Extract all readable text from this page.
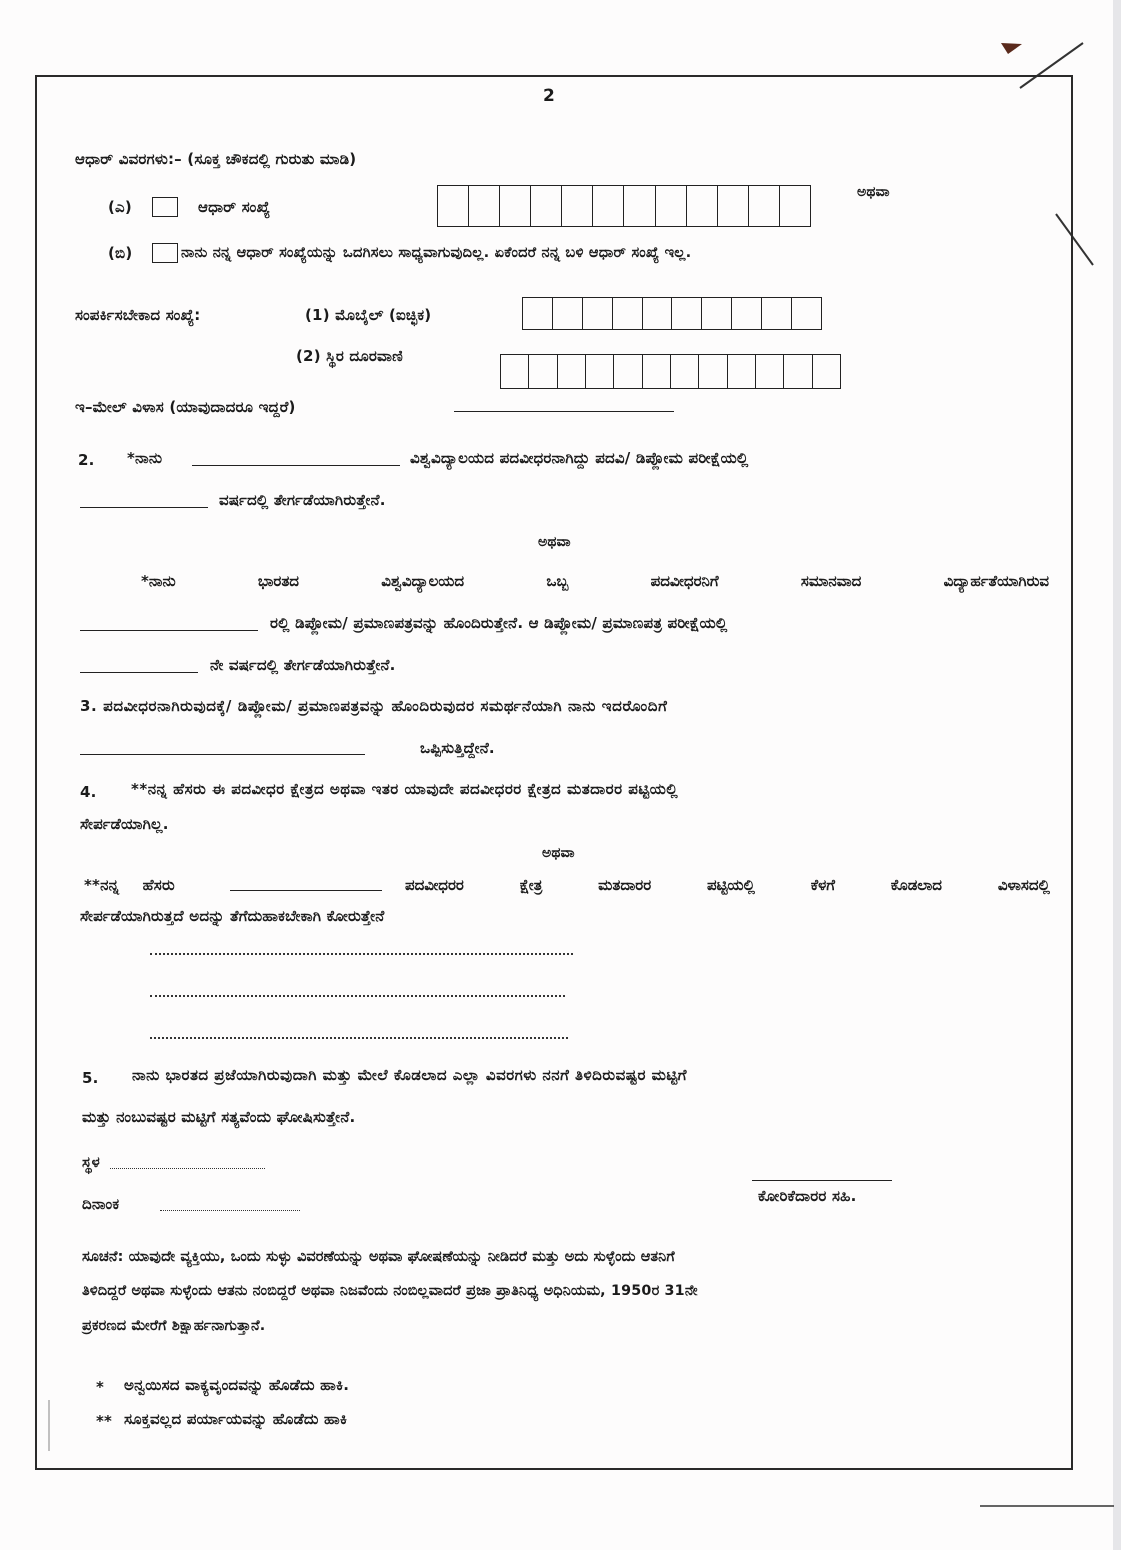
2
ಆಧಾರ್ ವಿವರಗಳು:– (ಸೂಕ್ತ ಚೌಕದಲ್ಲಿ ಗುರುತು ಮಾಡಿ)
(ಎ)	ಆಧಾರ್ ಸಂಖ್ಯೆ
ಅಥವಾ
(ಬಿ)	ನಾನು ನನ್ನ ಆಧಾರ್ ಸಂಖ್ಯೆಯನ್ನು ಒದಗಿಸಲು ಸಾಧ್ಯವಾಗುವುದಿಲ್ಲ. ಏಕೆಂದರೆ ನನ್ನ ಬಳಿ ಆಧಾರ್ ಸಂಖ್ಯೆ ಇಲ್ಲ.
ಸಂಪರ್ಕಿಸಬೇಕಾದ ಸಂಖ್ಯೆ:	(1) ಮೊಬೈಲ್ (ಐಚ್ಛಿಕ)
(2) ಸ್ಥಿರ ದೂರವಾಣಿ
ಇ–ಮೇಲ್ ವಿಳಾಸ (ಯಾವುದಾದರೂ ಇದ್ದರೆ)
2. *ನಾನು	ವಿಶ್ವವಿದ್ಯಾಲಯದ ಪದವೀಧರನಾಗಿದ್ದು ಪದವಿ/ ಡಿಪ್ಲೋಮ ಪರೀಕ್ಷೆಯಲ್ಲಿ
ವರ್ಷದಲ್ಲಿ ತೇರ್ಗಡೆಯಾಗಿರುತ್ತೇನೆ.
ಅಥವಾ
*ನಾನು	ಭಾರತದ	ವಿಶ್ವವಿದ್ಯಾಲಯದ	ಒಬ್ಬ	ಪದವೀಧರನಿಗೆ	ಸಮಾನವಾದ	ವಿದ್ಯಾರ್ಹತೆಯಾಗಿರುವ
ರಲ್ಲಿ ಡಿಪ್ಲೋಮ/ ಪ್ರಮಾಣಪತ್ರವನ್ನು ಹೊಂದಿರುತ್ತೇನೆ. ಆ ಡಿಪ್ಲೋಮ/ ಪ್ರಮಾಣಪತ್ರ ಪರೀಕ್ಷೆಯಲ್ಲಿ
ನೇ ವರ್ಷದಲ್ಲಿ ತೇರ್ಗಡೆಯಾಗಿರುತ್ತೇನೆ.
3. ಪದವೀಧರನಾಗಿರುವುದಕ್ಕೆ/ ಡಿಪ್ಲೋಮ/ ಪ್ರಮಾಣಪತ್ರವನ್ನು ಹೊಂದಿರುವುದರ ಸಮರ್ಥನೆಯಾಗಿ ನಾನು ಇದರೊಂದಿಗೆ
ಒಪ್ಪಿಸುತ್ತಿದ್ದೇನೆ.
4. **ನನ್ನ ಹೆಸರು ಈ ಪದವೀಧರ ಕ್ಷೇತ್ರದ ಅಥವಾ ಇತರ ಯಾವುದೇ ಪದವೀಧರರ ಕ್ಷೇತ್ರದ ಮತದಾರರ ಪಟ್ಟಿಯಲ್ಲಿ
ಸೇರ್ಪಡೆಯಾಗಿಲ್ಲ.
ಅಥವಾ
**ನನ್ನ ಹೆಸರು	ಪದವೀಧರರ	ಕ್ಷೇತ್ರ	ಮತದಾರರ	ಪಟ್ಟಿಯಲ್ಲಿ	ಕೆಳಗೆ	ಕೊಡಲಾದ	ವಿಳಾಸದಲ್ಲಿ
ಸೇರ್ಪಡೆಯಾಗಿರುತ್ತದೆ ಅದನ್ನು ತೆಗೆದುಹಾಕಬೇಕಾಗಿ ಕೋರುತ್ತೇನೆ
5. ನಾನು ಭಾರತದ ಪ್ರಜೆಯಾಗಿರುವುದಾಗಿ ಮತ್ತು ಮೇಲೆ ಕೊಡಲಾದ ಎಲ್ಲಾ ವಿವರಗಳು ನನಗೆ ತಿಳಿದಿರುವಷ್ಟರ ಮಟ್ಟಿಗೆ
ಮತ್ತು ನಂಬುವಷ್ಟರ ಮಟ್ಟಿಗೆ ಸತ್ಯವೆಂದು ಘೋಷಿಸುತ್ತೇನೆ.
ಸ್ಥಳ
ದಿನಾಂಕ	ಕೋರಿಕೆದಾರರ ಸಹಿ.
ಸೂಚನೆ: ಯಾವುದೇ ವ್ಯಕ್ತಿಯು, ಒಂದು ಸುಳ್ಳು ವಿವರಣೆಯನ್ನು ಅಥವಾ ಘೋಷಣೆಯನ್ನು ನೀಡಿದರೆ ಮತ್ತು ಅದು ಸುಳ್ಳೆಂದು ಆತನಿಗೆ
ತಿಳಿದಿದ್ದರೆ ಅಥವಾ ಸುಳ್ಳೆಂದು ಆತನು ನಂಬಿದ್ದರೆ ಅಥವಾ ನಿಜವೆಂದು ನಂಬಿಲ್ಲವಾದರೆ ಪ್ರಜಾ ಪ್ರಾತಿನಿಧ್ಯ ಅಧಿನಿಯಮ, 1950ರ 31ನೇ
ಪ್ರಕರಣದ ಮೇರೆಗೆ ಶಿಕ್ಷಾರ್ಹನಾಗುತ್ತಾನೆ.
* ಅನ್ವಯಿಸದ ವಾಕ್ಯವೃಂದವನ್ನು ಹೊಡೆದು ಹಾಕಿ.
** ಸೂಕ್ತವಲ್ಲದ ಪರ್ಯಾಯವನ್ನು ಹೊಡೆದು ಹಾಕಿ
